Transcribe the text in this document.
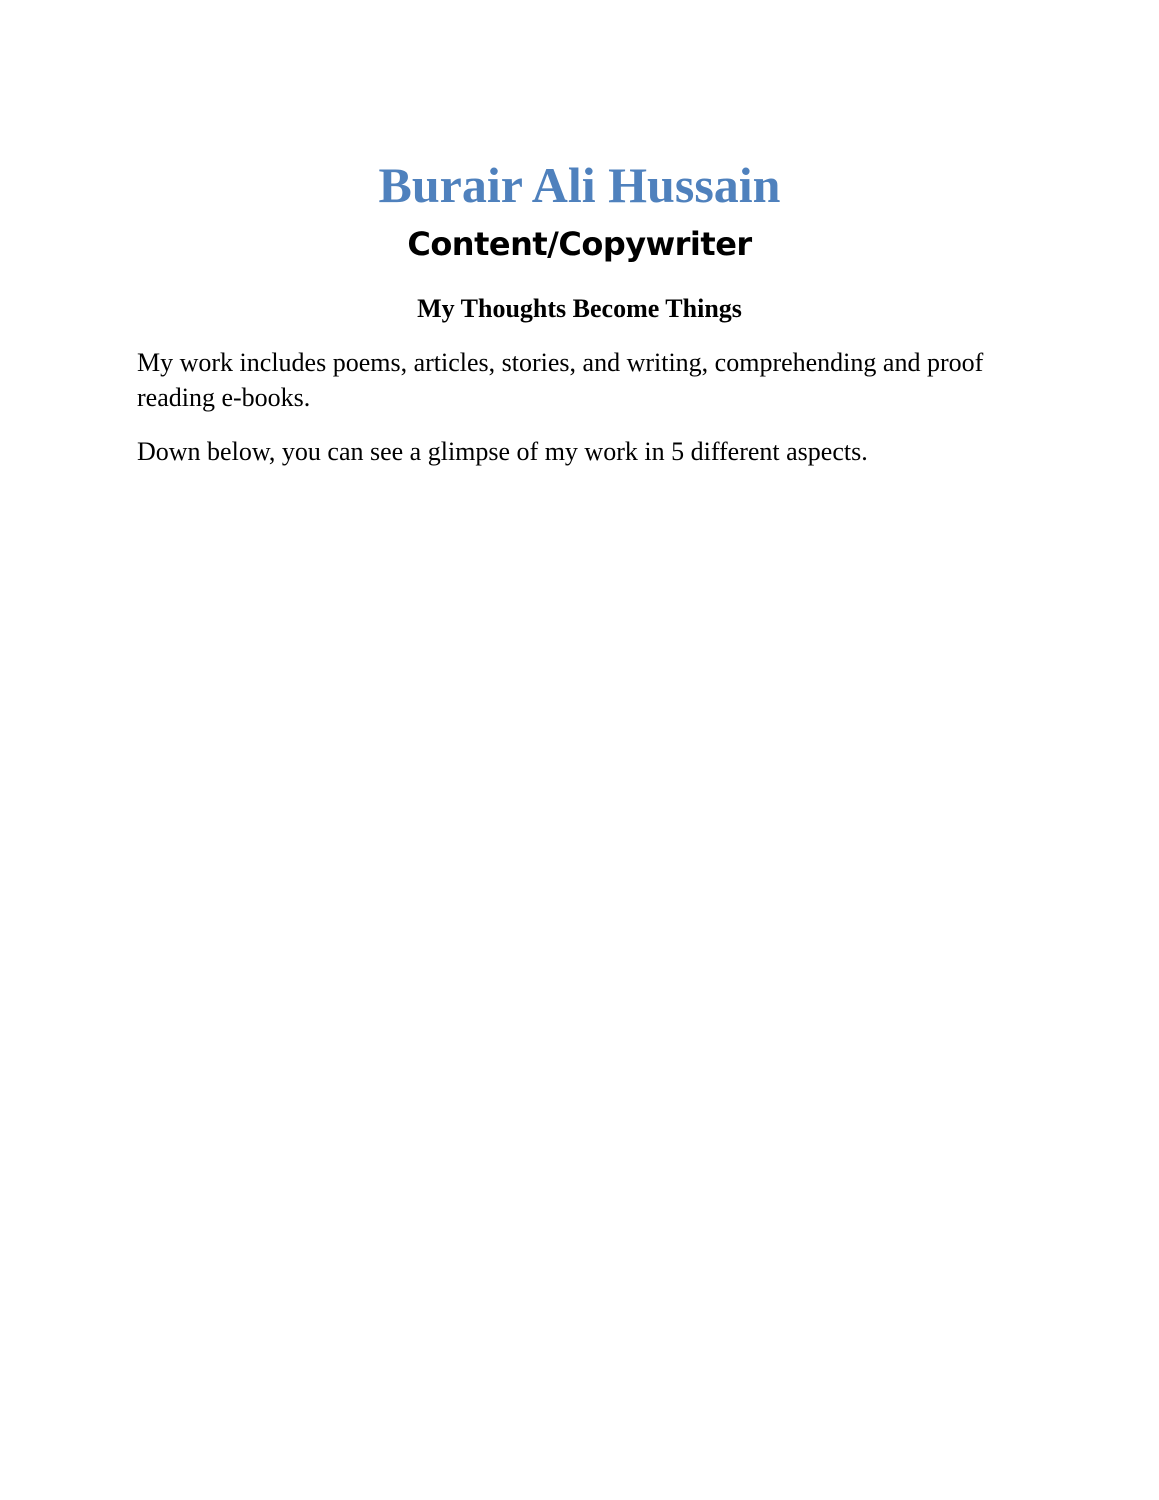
Burair Ali Hussain
Content/Copywriter
My Thoughts Become Things

My work includes poems, articles, stories, and writing, comprehending and proof reading e-books.

Down below, you can see a glimpse of my work in 5 different aspects.
